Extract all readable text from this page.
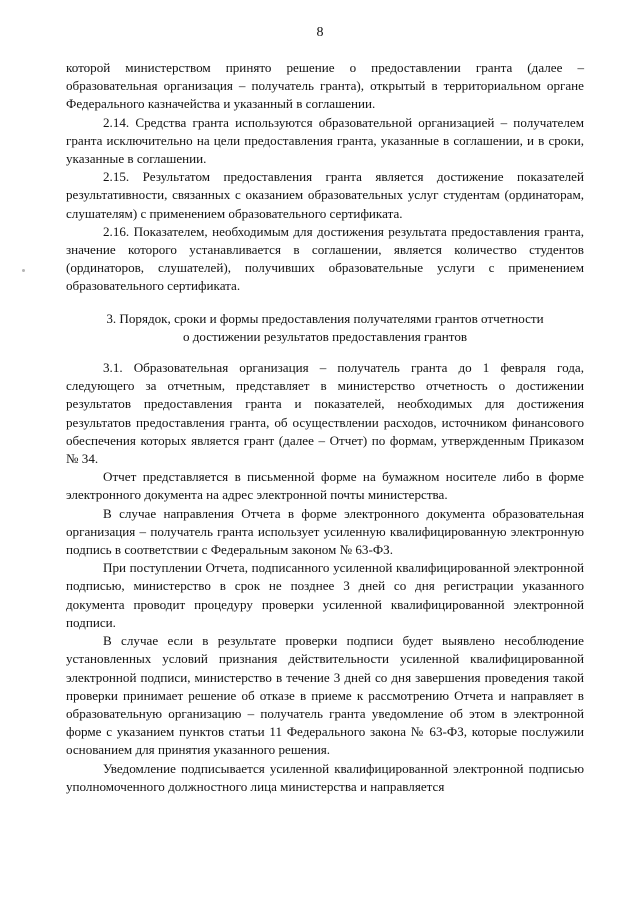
8

которой министерством принято решение о предоставлении гранта (далее – образовательная организация – получатель гранта), открытый в территориальном органе Федерального казначейства и указанный в соглашении.

2.14. Средства гранта используются образовательной организацией – получателем гранта исключительно на цели предоставления гранта, указанные в соглашении, и в сроки, указанные в соглашении.

2.15. Результатом предоставления гранта является достижение показателей результативности, связанных с оказанием образовательных услуг студентам (ординаторам, слушателям) с применением образовательного сертификата.

2.16. Показателем, необходимым для достижения результата предоставления гранта, значение которого устанавливается в соглашении, является количество студентов (ординаторов, слушателей), получивших образовательные услуги с применением образовательного сертификата.

3. Порядок, сроки и формы предоставления получателями грантов отчетности
о достижении результатов предоставления грантов

3.1. Образовательная организация – получатель гранта до 1 февраля года, следующего за отчетным, представляет в министерство отчетность о достижении результатов предоставления гранта и показателей, необходимых для достижения результатов предоставления гранта, об осуществлении расходов, источником финансового обеспечения которых является грант (далее – Отчет) по формам, утвержденным Приказом № 34.

Отчет представляется в письменной форме на бумажном носителе либо в форме электронного документа на адрес электронной почты министерства.

В случае направления Отчета в форме электронного документа образовательная организация – получатель гранта использует усиленную квалифицированную электронную подпись в соответствии с Федеральным законом № 63-ФЗ.

При поступлении Отчета, подписанного усиленной квалифицированной электронной подписью, министерство в срок не позднее 3 дней со дня регистрации указанного документа проводит процедуру проверки усиленной квалифицированной электронной подписи.

В случае если в результате проверки подписи будет выявлено несоблюдение установленных условий признания действительности усиленной квалифицированной электронной подписи, министерство в течение 3 дней со дня завершения проведения такой проверки принимает решение об отказе в приеме к рассмотрению Отчета и направляет в образовательную организацию – получатель гранта уведомление об этом в электронной форме с указанием пунктов статьи 11 Федерального закона № 63-ФЗ, которые послужили основанием для принятия указанного решения.

Уведомление подписывается усиленной квалифицированной электронной подписью уполномоченного должностного лица министерства и направляется
